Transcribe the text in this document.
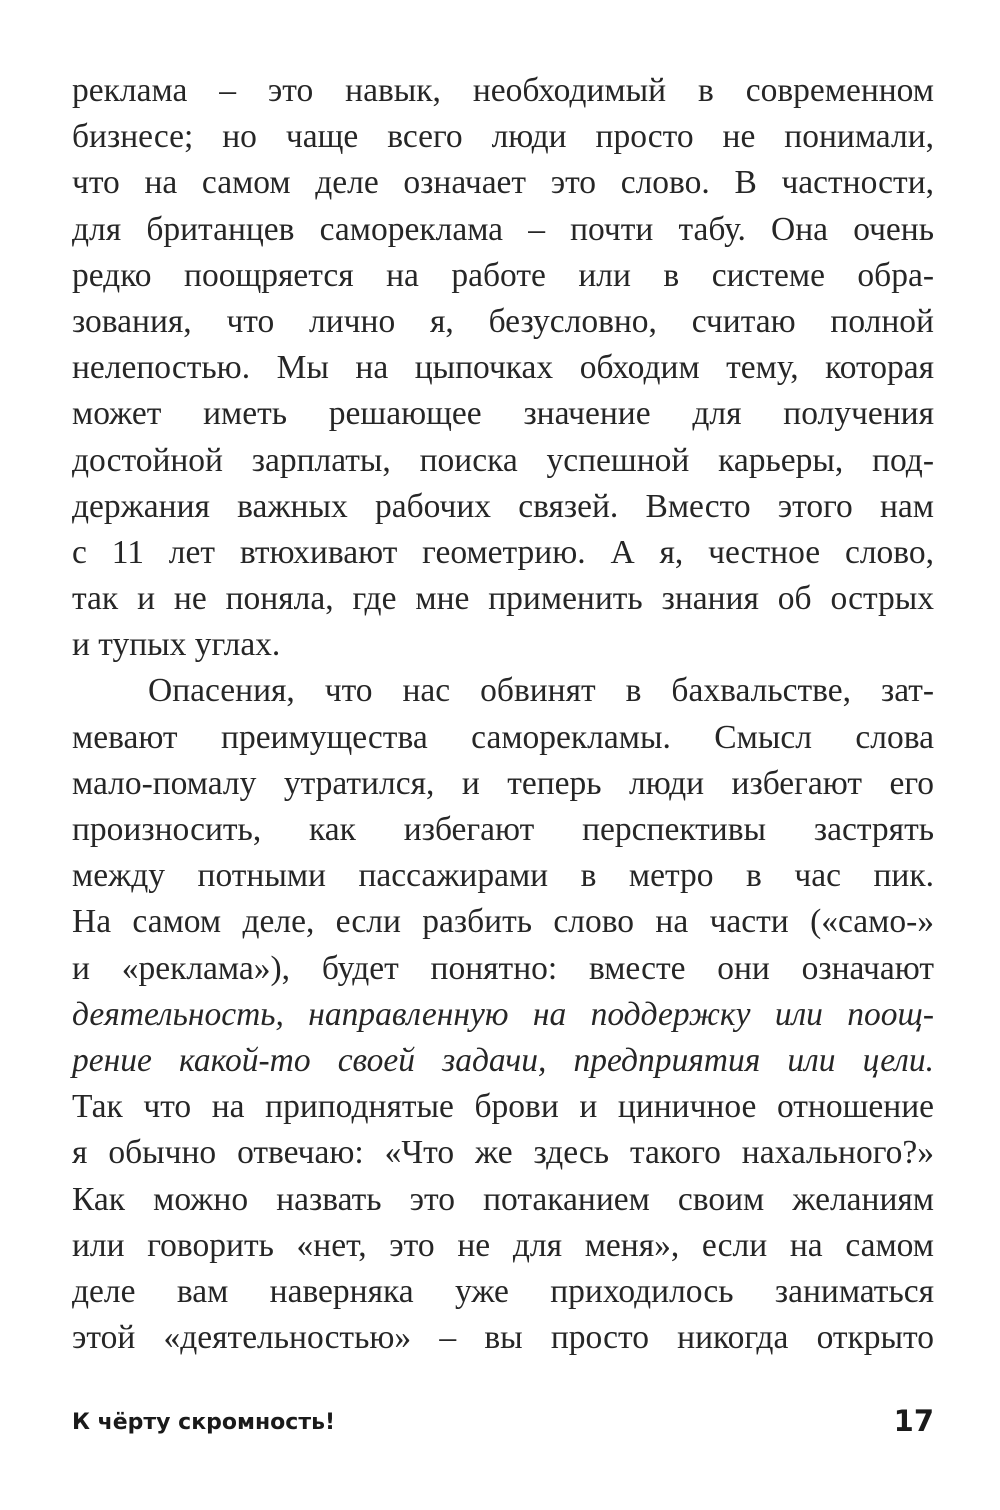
реклама – это навык, необходимый в современном
бизнесе; но чаще всего люди просто не понимали,
что на самом деле означает это слово. В частности,
для британцев самореклама – почти табу. Она очень
редко поощряется на работе или в системе обра-
зования, что лично я, безусловно, считаю полной
нелепостью. Мы на цыпочках обходим тему, которая
может иметь решающее значение для получения
достойной зарплаты, поиска успешной карьеры, под-
держания важных рабочих связей. Вместо этого нам
с 11 лет втюхивают геометрию. А я, честное слово,
так и не поняла, где мне применить знания об острых
и тупых углах.
Опасения, что нас обвинят в бахвальстве, зат-
мевают преимущества саморекламы. Смысл слова
мало-помалу утратился, и теперь люди избегают его
произносить, как избегают перспективы застрять
между потными пассажирами в метро в час пик.
На самом деле, если разбить слово на части («само-»
и «реклама»), будет понятно: вместе они означают
деятельность, направленную на поддержку или поощ-
рение какой-то своей задачи, предприятия или цели.
Так что на приподнятые брови и циничное отношение
я обычно отвечаю: «Что же здесь такого нахального?»
Как можно назвать это потаканием своим желаниям
или говорить «нет, это не для меня», если на самом
деле вам наверняка уже приходилось заниматься
этой «деятельностью» – вы просто никогда открыто
К чёрту скромность!	17
